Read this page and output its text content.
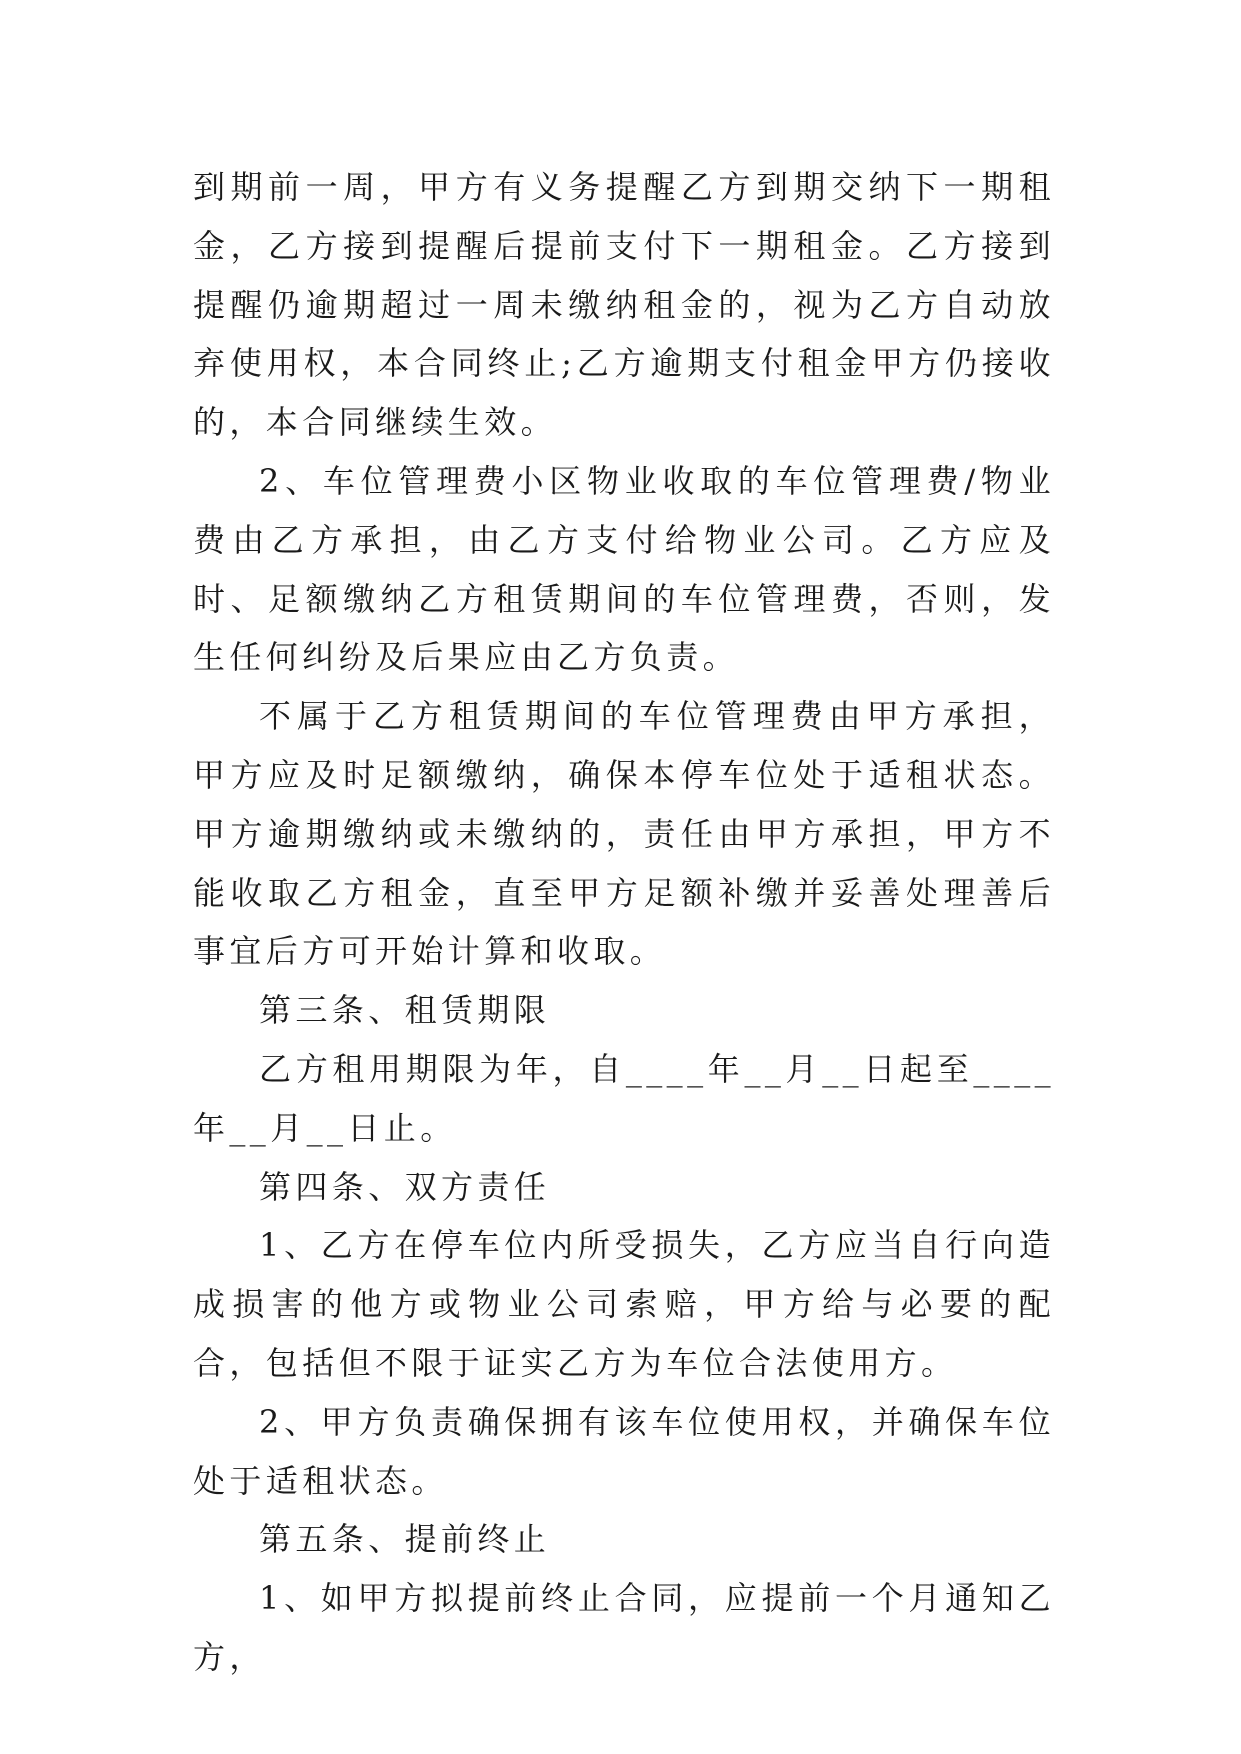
到期前一周，甲方有义务提醒乙方到期交纳下一期租金，乙方接到提醒后提前支付下一期租金。乙方接到提醒仍逾期超过一周未缴纳租金的，视为乙方自动放弃使用权，本合同终止;乙方逾期支付租金甲方仍接收的，本合同继续生效。

2、车位管理费小区物业收取的车位管理费/物业费由乙方承担，由乙方支付给物业公司。乙方应及时、足额缴纳乙方租赁期间的车位管理费，否则，发生任何纠纷及后果应由乙方负责。

不属于乙方租赁期间的车位管理费由甲方承担，甲方应及时足额缴纳，确保本停车位处于适租状态。甲方逾期缴纳或未缴纳的，责任由甲方承担，甲方不能收取乙方租金，直至甲方足额补缴并妥善处理善后事宜后方可开始计算和收取。

第三条、租赁期限

乙方租用期限为年，自____年__月__日起至____年__月__日止。

第四条、双方责任

1、乙方在停车位内所受损失，乙方应当自行向造成损害的他方或物业公司索赔，甲方给与必要的配合，包括但不限于证实乙方为车位合法使用方。

2、甲方负责确保拥有该车位使用权，并确保车位处于适租状态。

第五条、提前终止

1、如甲方拟提前终止合同，应提前一个月通知乙方，
